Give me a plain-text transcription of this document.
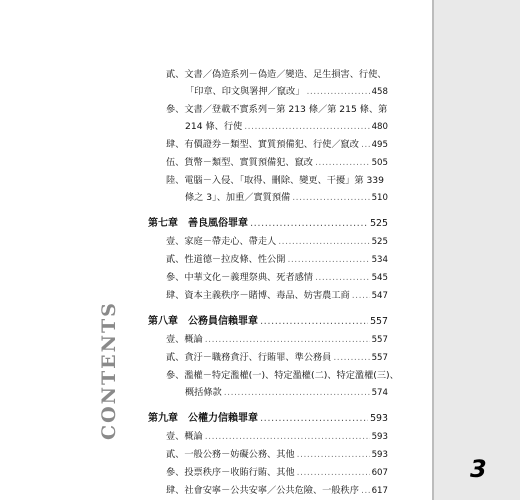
CONTENTS
貳、文書／偽造系列－偽造／變造、足生損害、行使、
「印章、印文與署押／竄改」 .....	458
參、文書／登載不實系列－第 213 條／第 215 條、第
214 條、行使 .....	480
肆、有價證券－類型、實質預備犯、行使／竄改 ..... 495
伍、貨幣－類型、實質預備犯、竄改 .....	505
陸、電腦－入侵、「取得、刪除、變更、干擾」第 339
條之 3」、加重／實質預備 .....	510
第七章 善良風俗罪章 .....	525
壹、家庭－帶走心、帶走人 .....	525
貳、性道德－拉皮條、性公開 .....	534
參、中華文化－義理祭典、死者感情 .....	545
肆、資本主義秩序－賭博、毒品、妨害農工商 .....	547
第八章 公務員信賴罪章 .....	557
壹、概論 .....	557
貳、貪汙－職務貪汙、行賄罪、準公務員 .....	557
參、濫權－特定濫權(一)、特定濫權(二)、特定濫權(三)、
概括條款 .....	574
第九章 公權力信賴罪章 .....	593
壹、概論 .....	593
貳、一般公務－妨礙公務、其他 .....	593
參、投票秩序－收賄行賄、其他 .....	607
肆、社會安寧－公共安寧／公共危險、一般秩序 ..... 617
3
